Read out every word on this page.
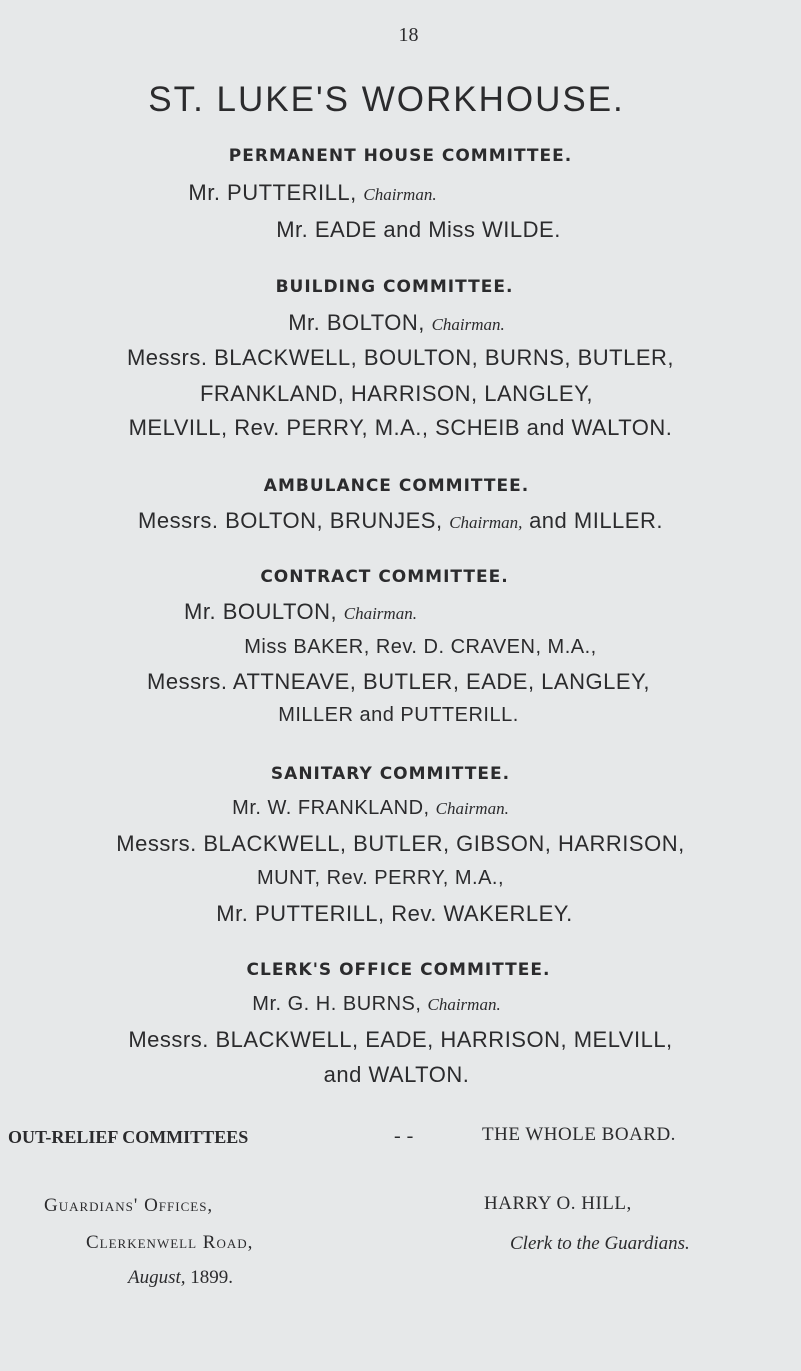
18
ST. LUKE'S WORKHOUSE.
PERMANENT HOUSE COMMITTEE.
Mr. PUTTERILL, Chairman.
Mr. EADE and Miss WILDE.
BUILDING COMMITTEE.
Mr. BOLTON, Chairman.
Messrs. BLACKWELL, BOULTON, BURNS, BUTLER,
FRANKLAND, HARRISON, LANGLEY,
MELVILL, Rev. PERRY, M.A., SCHEIB and WALTON.
AMBULANCE COMMITTEE.
Messrs. BOLTON, BRUNJES, Chairman, and MILLER.
CONTRACT COMMITTEE.
Mr. BOULTON, Chairman.
Miss BAKER, Rev. D. CRAVEN, M.A.,
Messrs. ATTNEAVE, BUTLER, EADE, LANGLEY,
MILLER and PUTTERILL.
SANITARY COMMITTEE.
Mr. W. FRANKLAND, Chairman.
Messrs. BLACKWELL, BUTLER, GIBSON, HARRISON,
MUNT, Rev. PERRY, M.A.,
Mr. PUTTERILL, Rev. WAKERLEY.
CLERK'S OFFICE COMMITTEE.
Mr. G. H. BURNS, Chairman.
Messrs. BLACKWELL, EADE, HARRISON, MELVILL,
and WALTON.
OUT-RELIEF COMMITTEES	- -	THE WHOLE BOARD.
Guardians' Offices,	HARRY O. HILL,
Clerkenwell Road,	Clerk to the Guardians.
August, 1899.
